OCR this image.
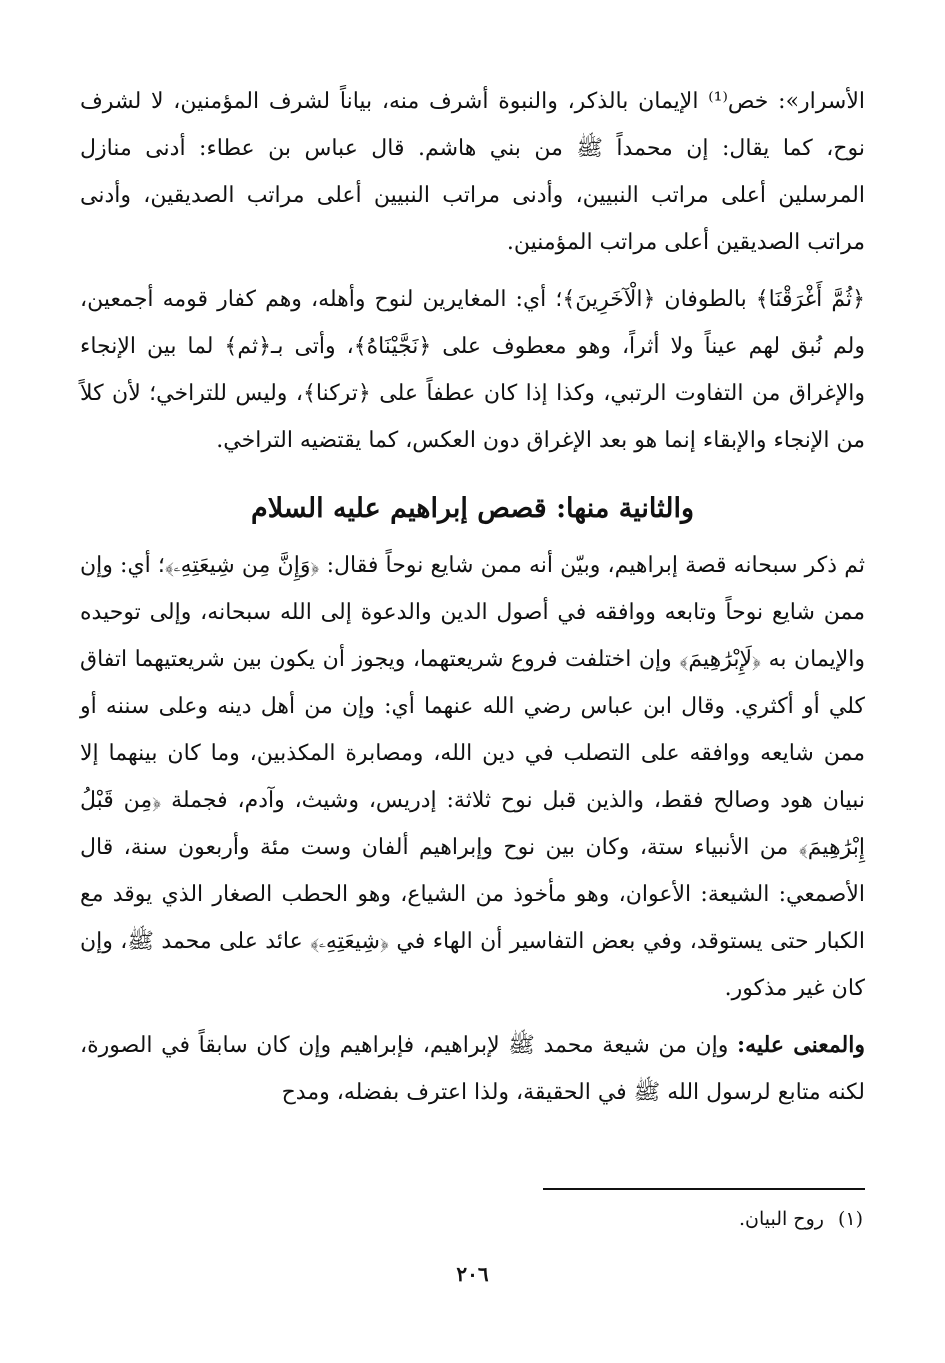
الأسرار»: خص⁽¹⁾ الإيمان بالذكر، والنبوة أشرف منه، بياناً لشرف المؤمنين، لا لشرف نوح، كما يقال: إن محمداً ﷺ من بني هاشم. قال عباس بن عطاء: أدنى منازل المرسلين أعلى مراتب النبيين، وأدنى مراتب النبيين أعلى مراتب الصديقين، وأدنى مراتب الصديقين أعلى مراتب المؤمنين.

﴿ثُمَّ أَغْرَقْنَا﴾ بالطوفان ﴿الْآخَرِينَ﴾؛ أي: المغايرين لنوح وأهله، وهم كفار قومه أجمعين، ولم نُبق لهم عيناً ولا أثراً، وهو معطوف على ﴿نَجَّيْنَاهُ﴾، وأتى بـ﴿ثم﴾ لما بين الإنجاء والإغراق من التفاوت الرتبي، وكذا إذا كان عطفاً على ﴿تركنا﴾، وليس للتراخي؛ لأن كلاً من الإنجاء والإبقاء إنما هو بعد الإغراق دون العكس، كما يقتضيه التراخي.

والثانية منها: قصص إبراهيم عليه السلام

ثم ذكر سبحانه قصة إبراهيم، وبيّن أنه ممن شايع نوحاً فقال: ﴿وَإِنَّ مِن شِيعَتِهِۦ﴾؛ أي: وإن ممن شايع نوحاً وتابعه ووافقه في أصول الدين والدعوة إلى الله سبحانه، وإلى توحيده والإيمان به ﴿لَإِبْرَٰهِيمَ﴾ وإن اختلفت فروع شريعتهما، ويجوز أن يكون بين شريعتيهما اتفاق كلي أو أكثري. وقال ابن عباس رضي الله عنهما أي: وإن من أهل دينه وعلى سننه أو ممن شايعه ووافقه على التصلب في دين الله، ومصابرة المكذبين، وما كان بينهما إلا نبيان هود وصالح فقط، والذين قبل نوح ثلاثة: إدريس، وشيث، وآدم، فجملة ﴿مِن قَبْلُ إِبْرَٰهِيمَ﴾ من الأنبياء ستة، وكان بين نوح وإبراهيم ألفان وست مئة وأربعون سنة، قال الأصمعي: الشيعة: الأعوان، وهو مأخوذ من الشياع، وهو الحطب الصغار الذي يوقد مع الكبار حتى يستوقد، وفي بعض التفاسير أن الهاء في ﴿شِيعَتِهِۦ﴾ عائد على محمد ﷺ، وإن كان غير مذكور.

والمعنى عليه: وإن من شيعة محمد ﷺ لإبراهيم، فإبراهيم وإن كان سابقاً في الصورة، لكنه متابع لرسول الله ﷺ في الحقيقة، ولذا اعترف بفضله، ومدح

(١)روح البيان.
٢٠٦
